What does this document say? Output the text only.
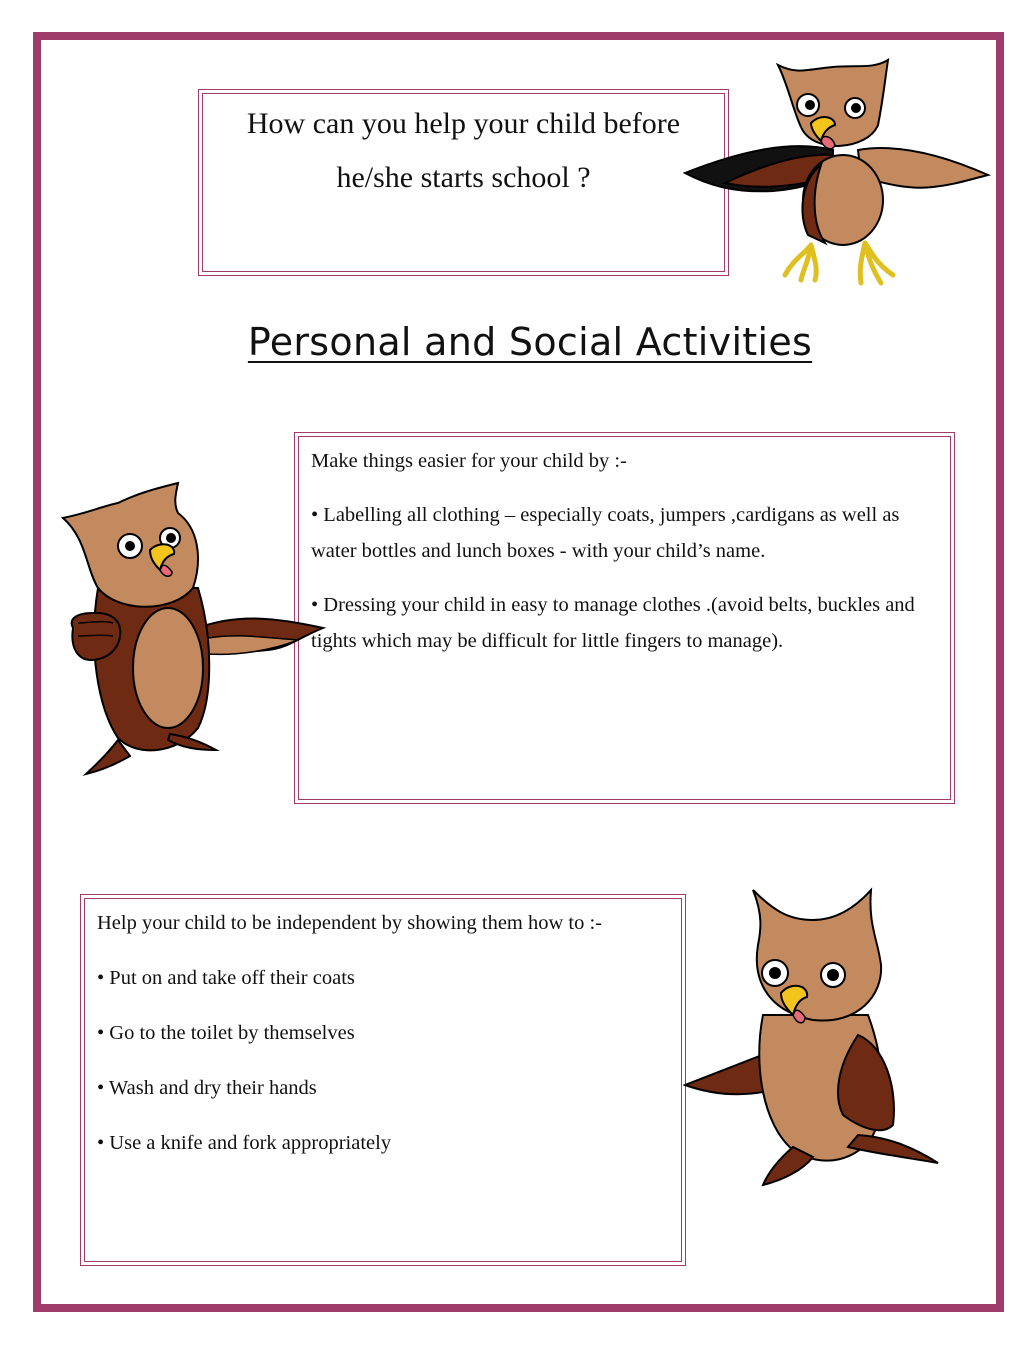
How can you help your child before
he/she starts school ?
Personal and Social Activities

Make things easier for your child by :-

• Labelling all clothing – especially coats, jumpers ,cardigans as well as water bottles and lunch boxes - with your child’s name.

• Dressing your child in easy to manage clothes .(avoid belts, buckles and tights which may be difficult for little fingers to manage).

Help your child to be independent by showing them how to :-

• Put on and take off their coats

• Go to the toilet by themselves

• Wash and dry their hands

• Use a knife and fork appropriately
